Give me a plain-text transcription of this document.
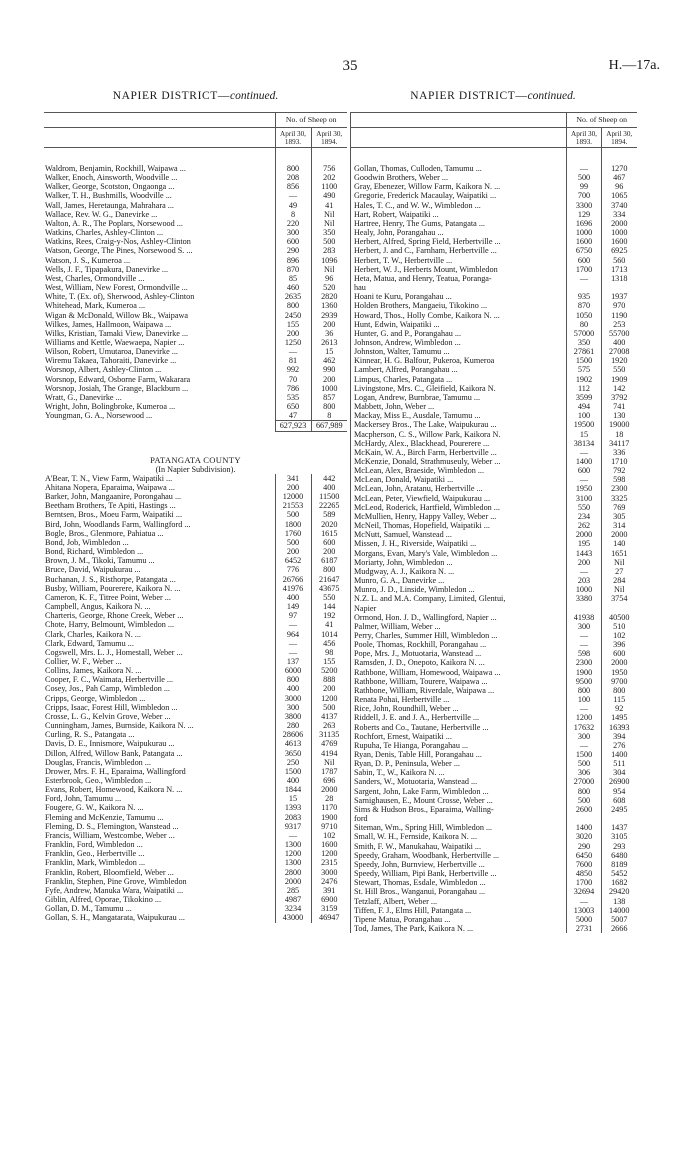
35	H.—17a.
NAPIER DISTRICT—continued.
	No. of Sheep on	
	April 30, 1893.	April 30, 1894.

Waldrom, Benjamin, Rockhill, Waipawa ...	800	756
Walker, Enoch, Ainsworth, Woodville ...	208	202
Walker, George, Scotston, Ongaonga ...	856	1100
Walker, T. H., Bushmills, Woodville ...	—	490
Wall, James, Heretaunga, Mahrahara ...	49	41
Wallace, Rev. W. G., Danevirke ...	8	Nil
Walton, A. R., The Poplars, Norsewood ...	220	Nil
Watkins, Charles, Ashley-Clinton ...	300	350
Watkins, Rees, Craig-y-Nos, Ashley-Clinton	600	500
Watson, George, The Pines, Norsewood S. ...	290	283
Watson, J. S., Kumeroa ...	896	1096
Wells, J. F., Tipapakura, Danevirke ...	870	Nil
West, Charles, Ormondville ...	85	96
West, William, New Forest, Ormondville ...	460	520
White, T. (Ex. of), Sherwood, Ashley-Clinton	2635	2820
Whitehead, Mark, Kumeroa ...	800	1360
Wigan & McDonald, Willow Bk., Waipawa	2450	2939
Wilkes, James, Hallmoon, Waipawa ...	155	200
Wilks, Kristian, Tamaki View, Danevirke ...	200	36
Williams and Kettle, Waewaepa, Napier ...	1250	2613
Wilson, Robert, Umutaroa, Danevirke ...	—	15
Wiremu Takaea, Tahoraiti, Danevirke ...	81	462
Worsnop, Albert, Ashley-Clinton ...	992	990
Worsnop, Edward, Osborne Farm, Wakarara	70	200
Worsnop, Josiah, The Grange, Blackburn ...	786	1000
Wratt, G., Danevirke ...	535	857
Wright, John, Bolingbroke, Kumeroa ...	650	800
Youngman, G. A., Norsewood ...	47	8
	627,923	667,989

PATANGATA COUNTY		
(In Napier Subdivision).		
A'Bear, T. N., View Farm, Waipatiki ...	341	442
Ahitana Nopera, Eparaima, Waipawa ...	200	400
Barker, John, Mangaanire, Porongahau ...	12000	11500
Beetham Brothers, Te Apiti, Hastings ...	21553	22265
Berntsen, Bros., Moeu Farm, Waipatiki ...	500	589
Bird, John, Woodlands Farm, Wallingford ...	1800	2020
Bogle, Bros., Glenmore, Pahiatua ...	1760	1615
Bond, Job, Wimbledon ...	500	600
Bond, Richard, Wimbledon ...	200	200
Brown, J. M., Tikoki, Tamumu ...	6452	6187
Bruce, David, Waipukurau ...	776	800
Buchanan, J. S., Risthorpe, Patangata ...	26766	21647
Busby, William, Pourerere, Kaikora N. ...	41976	43675
Cameron, K. F., Titree Point, Weber ...	400	550
Campbell, Angus, Kaikora N. ...	149	144
Charteris, George, Rhone Creek, Weber ...	97	192
Chote, Harry, Belmount, Wimbledon ...	—	41
Clark, Charles, Kaikora N. ...	964	1014
Clark, Edward, Tamumu ...	—	456
Cogswell, Mrs. L. J., Homestall, Weber ...	—	98
Collier, W. F., Weber ...	137	155
Collins, James, Kaikora N. ...	6000	5200
Cooper, F. C., Waimata, Herbertville ...	800	888
Cosey, Jos., Pah Camp, Wimbledon ...	400	200
Cripps, George, Wimbledon ...	3000	1200
Cripps, Isaac, Forest Hill, Wimbledon ...	300	500
Crosse, L. G., Kelvin Grove, Weber ...	3800	4137
Cunningham, James, Burnside, Kaikora N. ...	280	263
Curling, R. S., Patangata ...	28606	31135
Davis, D. E., Innismore, Waipukurau ...	4613	4769
Dillon, Alfred, Willow Bank, Patangata ...	3650	4194
Douglas, Francis, Wimbledon ...	250	Nil
Drower, Mrs. F. H., Eparaima, Wallingford	1500	1787
Esterbrook, Geo., Wimbledon ...	400	696
Evans, Robert, Homewood, Kaikora N. ...	1844	2000
Ford, John, Tamumu ...	15	28
Fougere, G. W., Kaikora N. ...	1393	1170
Fleming and McKenzie, Tamumu ...	2083	1900
Fleming, D. S., Flemington, Wanstead ...	9317	9710
Francis, William, Westcombe, Weber ...	—	102
Franklin, Ford, Wimbledon ...	1300	1600
Franklin, Geo., Herbertville ...	1200	1200
Franklin, Mark, Wimbledon ...	1300	2315
Franklin, Robert, Bloomfield, Weber ...	2800	3000
Franklin, Stephen, Pine Grove, Wimbledon	2000	2476
Fyfe, Andrew, Manuka Wara, Waipatiki ...	285	391
Giblin, Alfred, Oporae, Tikokino ...	4987	6900
Gollan, D. M., Tamumu ...	3234	3159
Gollan, S. H., Mangatarata, Waipukurau ...	43000	46947
NAPIER DISTRICT—continued.
	No. of Sheep on	
	April 30, 1893.	April 30, 1894.

Gollan, Thomas, Culloden, Tamumu ...	—	1270
Goodwin Brothers, Weber ...	500	467
Gray, Ebenezer, Willow Farm, Kaikora N. ...	99	96
Gregorie, Frederick Macaulay, Waipatiki ...	700	1065
Hales, T. C., and W. W., Wimbledon ...	3300	3740
Hart, Robert, Waipatiki ...	129	334
Hartree, Henry, The Gums, Patangata ...	1696	2000
Healy, John, Porangahau ...	1000	1000
Herbert, Alfred, Spring Field, Herbertville ...	1600	1600
Herbert, J. and C., Farnham, Herbertville ...	6750	6925
Herbert, T. W., Herbertville ...	600	560
Herbert, W. J., Herberts Mount, Wimbledon	1700	1713
Heta, Matua, and Henry, Teatua, Poranga-	—	1318
hau		
Hoani te Kuru, Porangahau ...	935	1937
Holden Brothers, Mangaeiu, Tikokino ...	870	970
Howard, Thos., Holly Combe, Kaikora N. ...	1050	1190
Hunt, Edwin, Waipatiki ...	80	253
Hunter, G. and P., Porangahau ...	57000	55700
Johnson, Andrew, Wimbledon ...	350	400
Johnston, Walter, Tamumu ...	27861	27008
Kinnear, H. G. Balfour, Pukeroa, Kumeroa	1500	1920
Lambert, Alfred, Porangahau ...	575	550
Limpus, Charles, Patangata ...	1902	1909
Livingstone, Mrs. C., Gleifield, Kaikora N.	112	142
Logan, Andrew, Burnbrae, Tamumu ...	3599	3792
Mabbett, John, Weber ...	494	741
Mackay, Miss E., Ausdale, Tamumu ...	100	130
Mackersey Bros., The Lake, Waipukurau ...	19500	19000
Macpherson, C. S., Willow Park, Kaikora N.	15	18
McHardy, Alex., Blackhead, Pourerere ...	38134	34117
McKain, W. A., Birch Farm, Herbertville ...	—	336
McKenzie, Donald, Strathmuseuly, Weber ...	1400	1710
McLean, Alex, Braeside, Wimbledon ...	600	792
McLean, Donald, Waipatiki ...	—	598
McLean, John, Aratanu, Herbertville ...	1950	2300
McLean, Peter, Viewfield, Waipukurau ...	3100	3325
McLeod, Roderick, Hartfield, Wimbledon ...	550	769
McMullien, Henry, Happy Valley, Weber ...	234	305
McNeil, Thomas, Hopefield, Waipatiki ...	262	314
McNutt, Samuel, Wanstead ...	2000	2000
Missen, J. H., Riverside, Waipatiki ...	195	140
Morgans, Evan, Mary's Vale, Wimbledon ...	1443	1651
Moriarty, John, Wimbledon ...	200	Nil
Mudgway, A. J., Kaikora N. ...	—	27
Munro, G. A., Danevirke ...	203	284
Munro, J. D., Linside, Wimbledon ...	1000	Nil
N.Z. L. and M.A. Company, Limited, Glentui,	3380	3754
Napier		
Ormond, Hon. J. D., Wallingford, Napier ...	41938	40500
Palmer, William, Weber ...	300	510
Perry, Charles, Summer Hill, Wimbledon ...	—	102
Poole, Thomas, Rockhill, Porangahau ...	—	396
Pope, Mrs. J., Motuotaria, Wanstead ...	598	600
Ramsden, J. D., Onepoto, Kaikora N. ...	2300	2000
Rathbone, William, Homewood, Waipawa ...	1900	1950
Rathbone, William, Tourere, Waipawa ...	9500	9700
Rathbone, William, Riverdale, Waipawa ...	800	800
Renata Pohai, Herbertville ...	100	115
Rice, John, Roundhill, Weber ...	—	92
Riddell, J. E. and J. A., Herbertville ...	1200	1495
Roberts and Co., Tautane, Herbertville ...	17632	16393
Rochfort, Ernest, Waipatiki ...	300	394
Rupuha, Te Hianga, Porangahau ...	—	276
Ryan, Denis, Table Hill, Porangahau ...	1500	1400
Ryan, D. P., Peninsula, Weber ...	500	511
Sabin, T., W., Kaikora N. ...	306	304
Sanders, W., Motuotaria, Wanstead ...	27000	26900
Sargent, John, Lake Farm, Wimbledon ...	800	954
Sarnighausen, E., Mount Crosse, Weber ...	500	608
Sims & Hudson Bros., Eparaima, Walling-	2600	2495
ford		
Siteman, Wm., Spring Hill, Wimbledon ...	1400	1437
Small, W. H., Fernside, Kaikora N. ...	3020	3105
Smith, F. W., Manukahau, Waipatiki ...	290	293
Speedy, Graham, Woodbank, Herbertville ...	6450	6480
Speedy, John, Burnview, Herbertville ...	7600	8189
Speedy, William, Pipi Bank, Herbertville ...	4850	5452
Stewart, Thomas, Esdale, Wimbledon ...	1700	1682
St. Hill Bros., Wanganui, Porangahau ...	32694	29420
Tetzlaff, Albert, Weber ...	—	138
Tiffen, F. J., Elms Hill, Patangata ...	13003	14000
Tipene Matua, Porangahau ...	5000	5007
Tod, James, The Park, Kaikora N. ...	2731	2666
